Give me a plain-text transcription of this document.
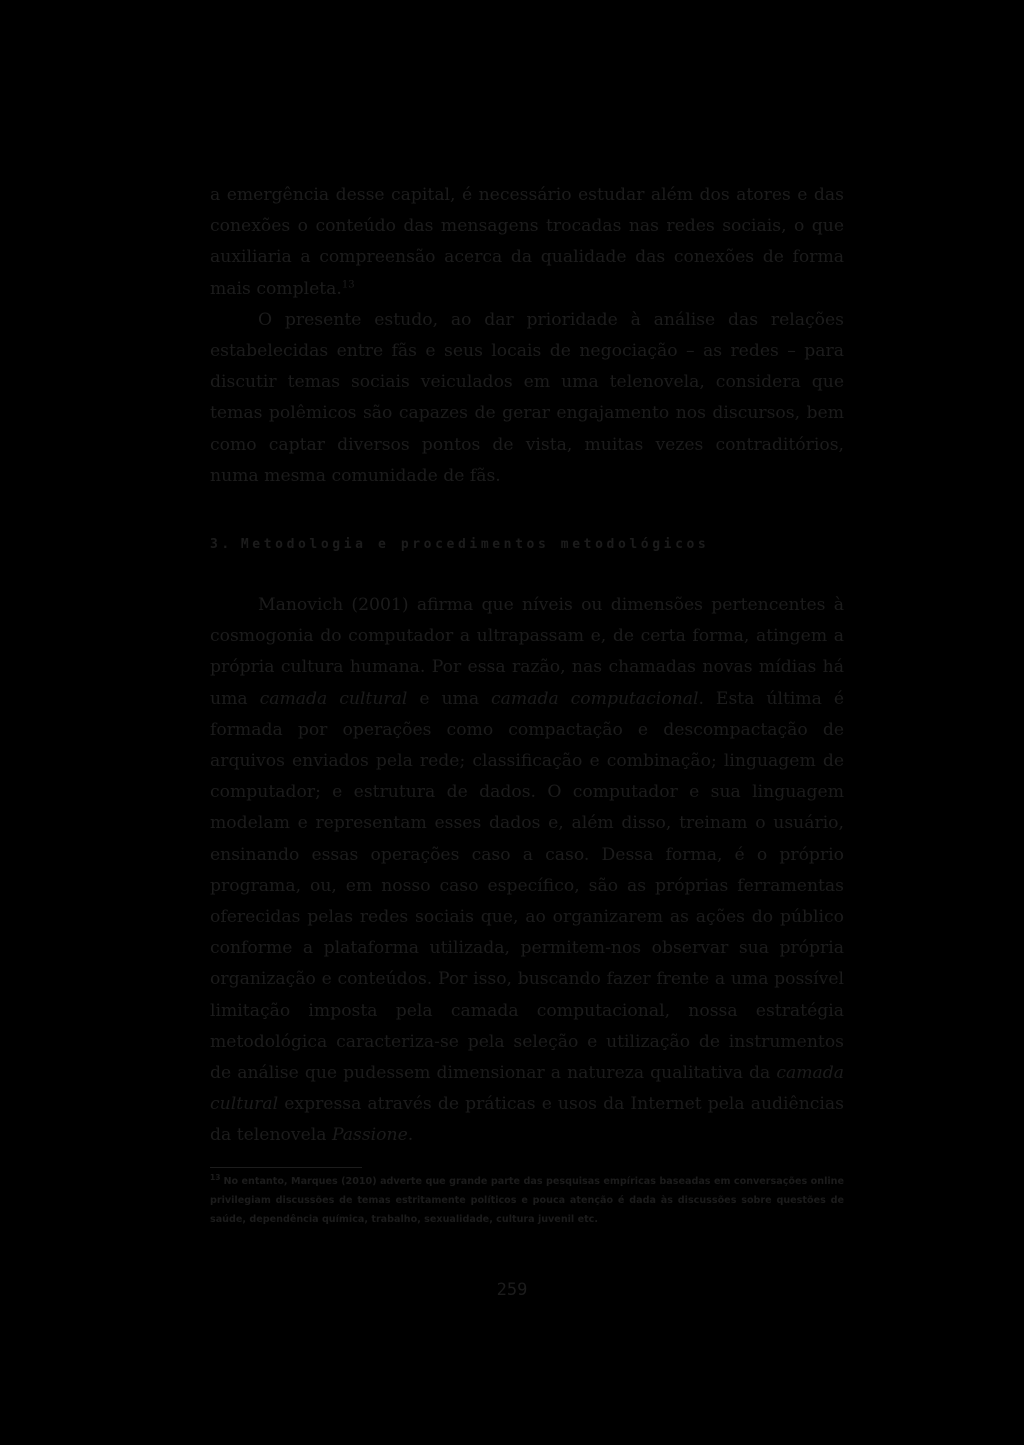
a emergência desse capital, é necessário estudar além dos atores e das conexões o conteúdo das mensagens trocadas nas redes sociais, o que auxiliaria a compreensão acerca da qualidade das conexões de forma mais completa.$^{13}$

O presente estudo, ao dar prioridade à análise das relações estabelecidas entre fãs e seus locais de negociação – as redes – para discutir temas sociais veiculados em uma telenovela, considera que temas polêmicos são capazes de gerar engajamento nos discursos, bem como captar diversos pontos de vista, muitas vezes contraditórios, numa mesma comunidade de fãs.

3. Metodologia e procedimentos metodológicos

Manovich (2001) afirma que níveis ou dimensões pertencentes à cosmogonia do computador a ultrapassam e, de certa forma, atingem a própria cultura humana. Por essa razão, nas chamadas novas mídias há uma camada cultural e uma camada computacional. Esta última é formada por operações como compactação e descompactação de arquivos enviados pela rede; classificação e combinação; linguagem de computador; e estrutura de dados. O computador e sua linguagem modelam e representam esses dados e, além disso, treinam o usuário, ensinando essas operações caso a caso. Dessa forma, é o próprio programa, ou, em nosso caso específico, são as próprias ferramentas oferecidas pelas redes sociais que, ao organizarem as ações do público conforme a plataforma utilizada, permitem-nos observar sua própria organização e conteúdos. Por isso, buscando fazer frente a uma possível limitação imposta pela camada computacional, nossa estratégia metodológica caracteriza-se pela seleção e utilização de instrumentos de análise que pudessem dimensionar a natureza qualitativa da camada cultural expressa através de práticas e usos da Internet pela audiências da telenovela Passione.

$^{13}$ No entanto, Marques (2010) adverte que grande parte das pesquisas empíricas baseadas em conversações online privilegiam discussões de temas estritamente políticos e pouca atenção é dada às discussões sobre questões de saúde, dependência química, trabalho, sexualidade, cultura juvenil etc.

259
